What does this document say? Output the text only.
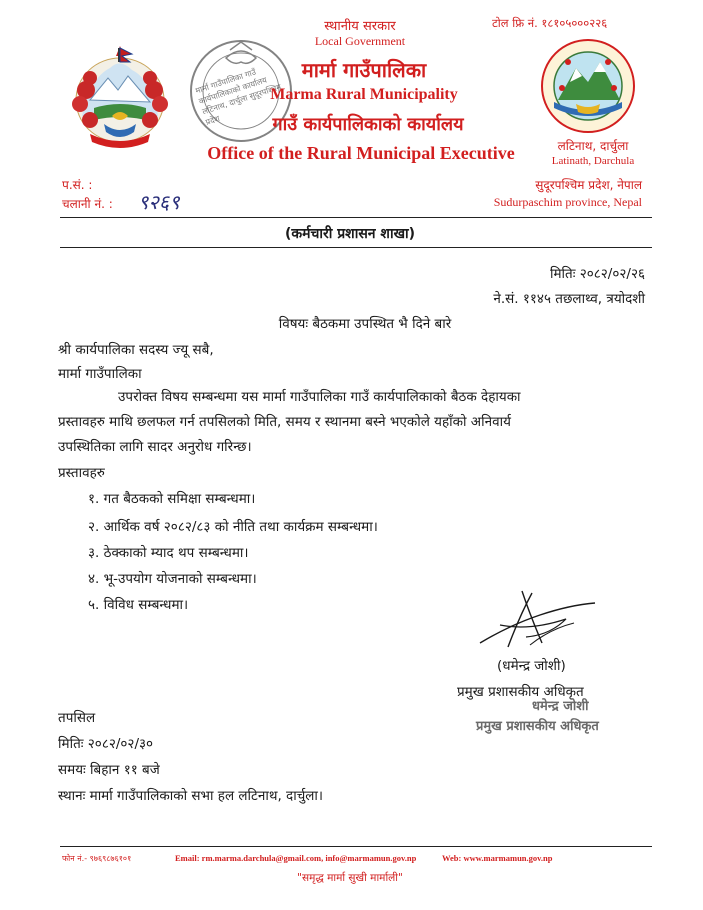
मार्मा गाउँपालिका गाउँ कार्यपालिकाको कार्यालय लटिनाथ, दार्चुला सुदूरपश्चिम प्रदेश
स्थानीय सरकार
Local Government
मार्मा गाउँपालिका
Marma Rural Municipality
गाउँ कार्यपालिकाको कार्यालय
Office of the Rural Municipal Executive
टोल फ्रि नं. १८१०५०००२२६
लटिनाथ, दार्चुला
Latinath, Darchula
प.सं. :
चलानी नं. : ९२६९
सुदूरपश्चिम प्रदेश, नेपाल
Sudurpaschim province, Nepal
(कर्मचारी प्रशासन शाखा)
मितिः २०८२/०२/२६
ने.सं. ११४५ तछलाथ्व, त्रयोदशी
विषयः बैठकमा उपस्थित भै दिने बारे
श्री कार्यपालिका सदस्य ज्यू सबै,
मार्मा गाउँपालिका
उपरोक्त विषय सम्बन्धमा यस मार्मा गाउँपालिका गाउँ कार्यपालिकाको बैठक देहायका
प्रस्तावहरु माथि छलफल गर्न तपसिलको मिति, समय र स्थानमा बस्ने भएकोले यहाँको अनिवार्य
उपस्थितिका लागि सादर अनुरोध गरिन्छ।
प्रस्तावहरु
१. गत बैठकको समिक्षा सम्बन्धमा।
२. आर्थिक वर्ष २०८२/८३ को नीति तथा कार्यक्रम सम्बन्धमा।
३. ठेक्काको म्याद थप सम्बन्धमा।
४. भू-उपयोग योजनाको सम्बन्धमा।
५. विविध सम्बन्धमा।
(धमेन्द्र जोशी)
प्रमुख प्रशासकीय अधिकृत
धमेन्द्र जोशी
प्रमुख प्रशासकीय अधिकृत
तपसिल
मितिः २०८२/०२/३०
समयः बिहान ११ बजे
स्थानः मार्मा गाउँपालिकाको सभा हल लटिनाथ, दार्चुला।
फोन नं.- ९७६९८७६१०१	Email: rm.marma.darchula@gmail.com, info@marmamun.gov.np	Web: www.marmamun.gov.np
"समृद्ध मार्मा सुखी मार्माली"
